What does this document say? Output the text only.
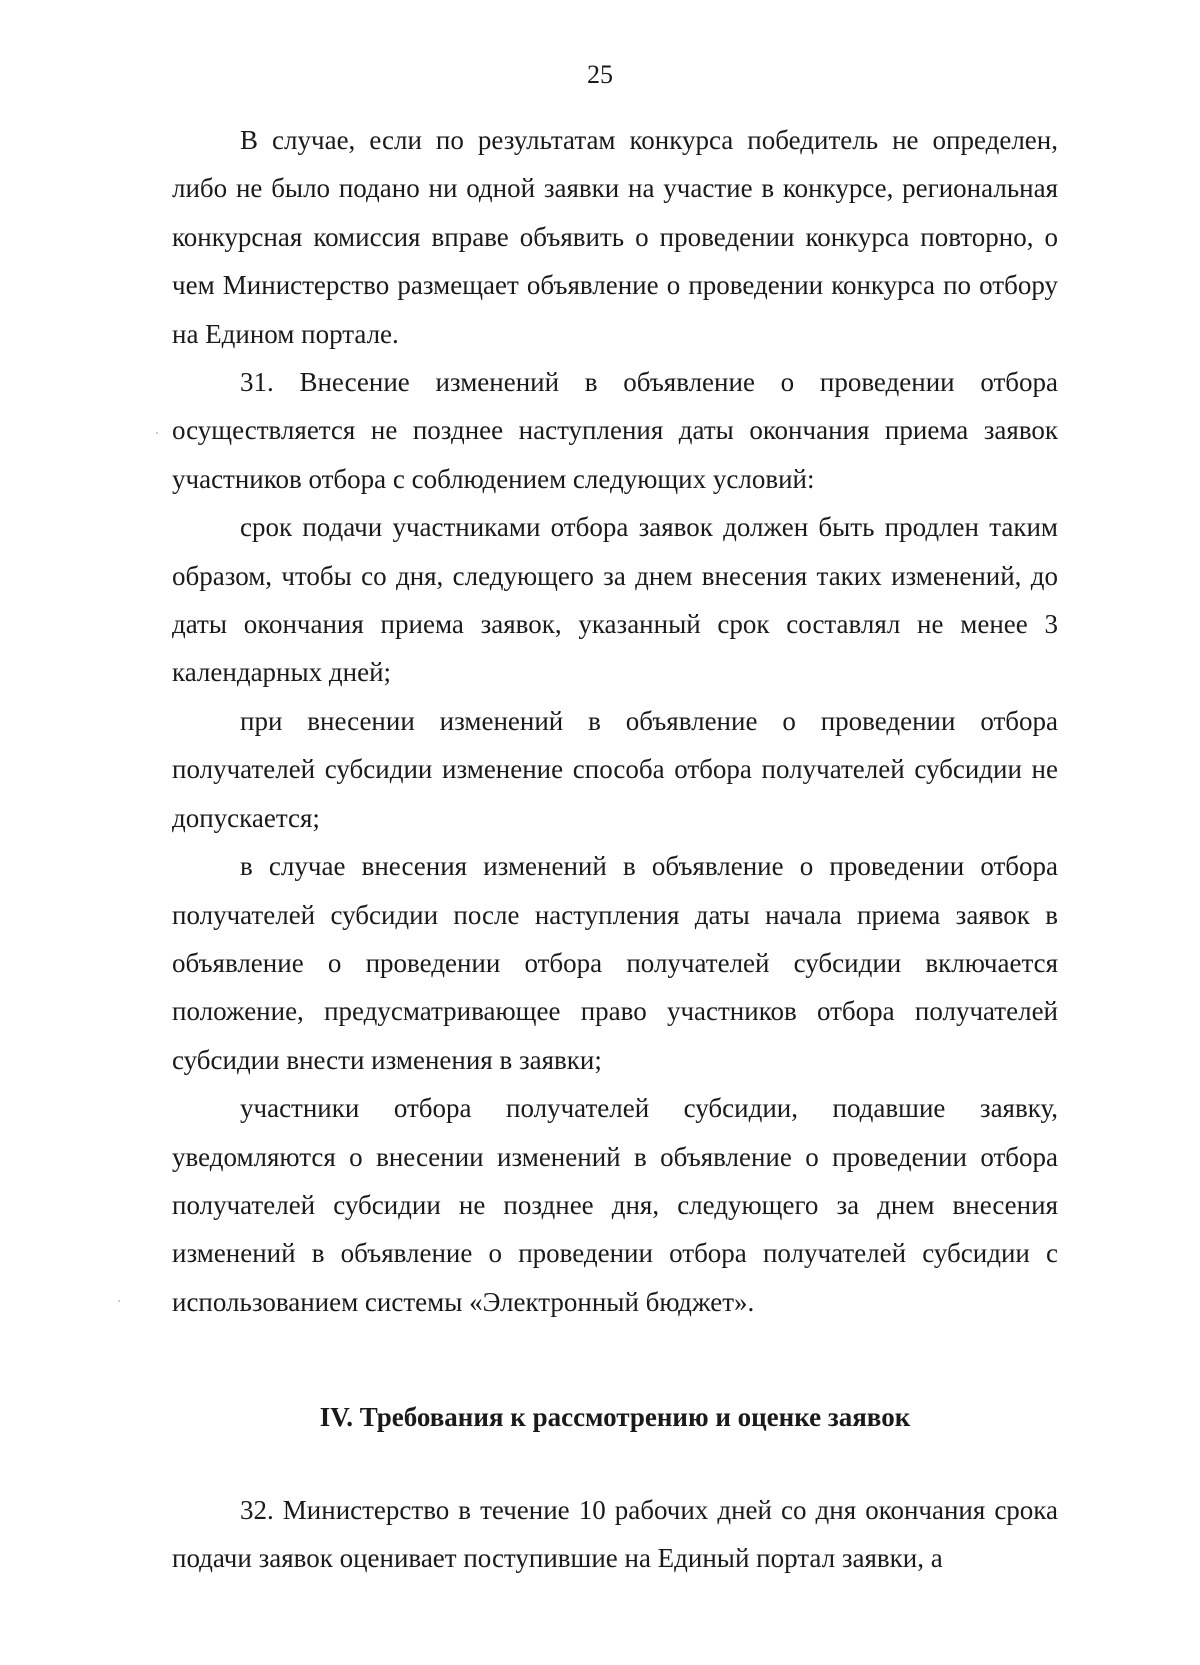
25

В случае, если по результатам конкурса победитель не определен, либо не было подано ни одной заявки на участие в конкурсе, региональная конкурсная комиссия вправе объявить о проведении конкурса повторно, о чем Министерство размещает объявление о проведении конкурса по отбору на Едином портале.

31. Внесение изменений в объявление о проведении отбора осуществляется не позднее наступления даты окончания приема заявок участников отбора с соблюдением следующих условий:

срок подачи участниками отбора заявок должен быть продлен таким образом, чтобы со дня, следующего за днем внесения таких изменений, до даты окончания приема заявок, указанный срок составлял не менее 3 календарных дней;

при внесении изменений в объявление о проведении отбора получателей субсидии изменение способа отбора получателей субсидии не допускается;

в случае внесения изменений в объявление о проведении отбора получателей субсидии после наступления даты начала приема заявок в объявление о проведении отбора получателей субсидии включается положение, предусматривающее право участников отбора получателей субсидии внести изменения в заявки;

участники отбора получателей субсидии, подавшие заявку, уведомляются о внесении изменений в объявление о проведении отбора получателей субсидии не позднее дня, следующего за днем внесения изменений в объявление о проведении отбора получателей субсидии с использованием системы «Электронный бюджет».

IV. Требования к рассмотрению и оценке заявок

32. Министерство в течение 10 рабочих дней со дня окончания срока подачи заявок оценивает поступившие на Единый портал заявки, а
